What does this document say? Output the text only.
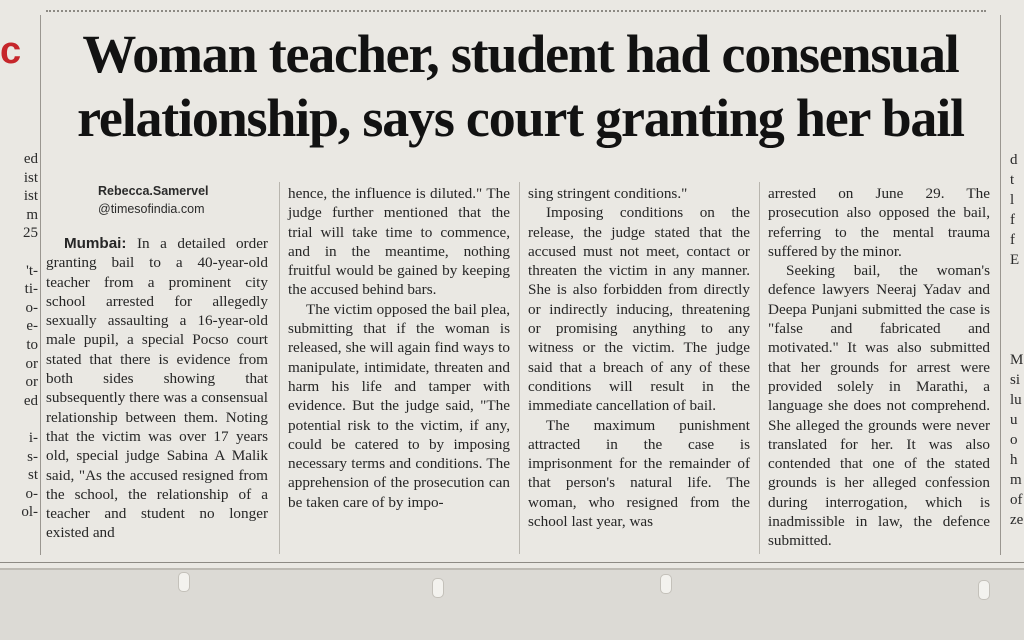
c
ed
ist
ist
m
25

't-
ti-
o-
e-
to
or
or
ed

i-
s-
st
o-
ol-
d
t
l
f
f
E

M
si
lu
u
o
h
m
of
ze
Woman teacher, student had consensual relationship, says court granting her bail
Rebecca.Samervel
@timesofindia.com

Mumbai: In a detailed order granting bail to a 40-year-old teacher from a prominent city school arrested for allegedly sexually assaulting a 16-year-old male pupil, a special Pocso court stated that there is evidence from both sides showing that subsequently there was a consensual relationship between them. Noting that the victim was over 17 years old, special judge Sabina A Malik said, "As the accused resigned from the school, the relationship of a teacher and student no longer existed and

hence, the influence is diluted." The judge further mentioned that the trial will take time to commence, and in the meantime, nothing fruitful would be gained by keeping the accused behind bars.

The victim opposed the bail plea, submitting that if the woman is released, she will again find ways to manipulate, intimidate, threaten and harm his life and tamper with evidence. But the judge said, "The potential risk to the victim, if any, could be catered to by imposing necessary terms and conditions. The apprehension of the prosecution can be taken care of by impo-

sing stringent conditions."

Imposing conditions on the release, the judge stated that the accused must not meet, contact or threaten the victim in any manner. She is also forbidden from directly or indirectly inducing, threatening or promising anything to any witness or the victim. The judge said that a breach of any of these conditions will result in the immediate cancellation of bail.

The maximum punishment attracted in the case is imprisonment for the remainder of that person's natural life. The woman, who resigned from the school last year, was

arrested on June 29. The prosecution also opposed the bail, referring to the mental trauma suffered by the minor.

Seeking bail, the woman's defence lawyers Neeraj Yadav and Deepa Punjani submitted the case is "false and fabricated and motivated." It was also submitted that her grounds for arrest were provided solely in Marathi, a language she does not comprehend. She alleged the grounds were never translated for her. It was also contended that one of the stated grounds is her alleged confession during interrogation, which is inadmissible in law, the defence submitted.
